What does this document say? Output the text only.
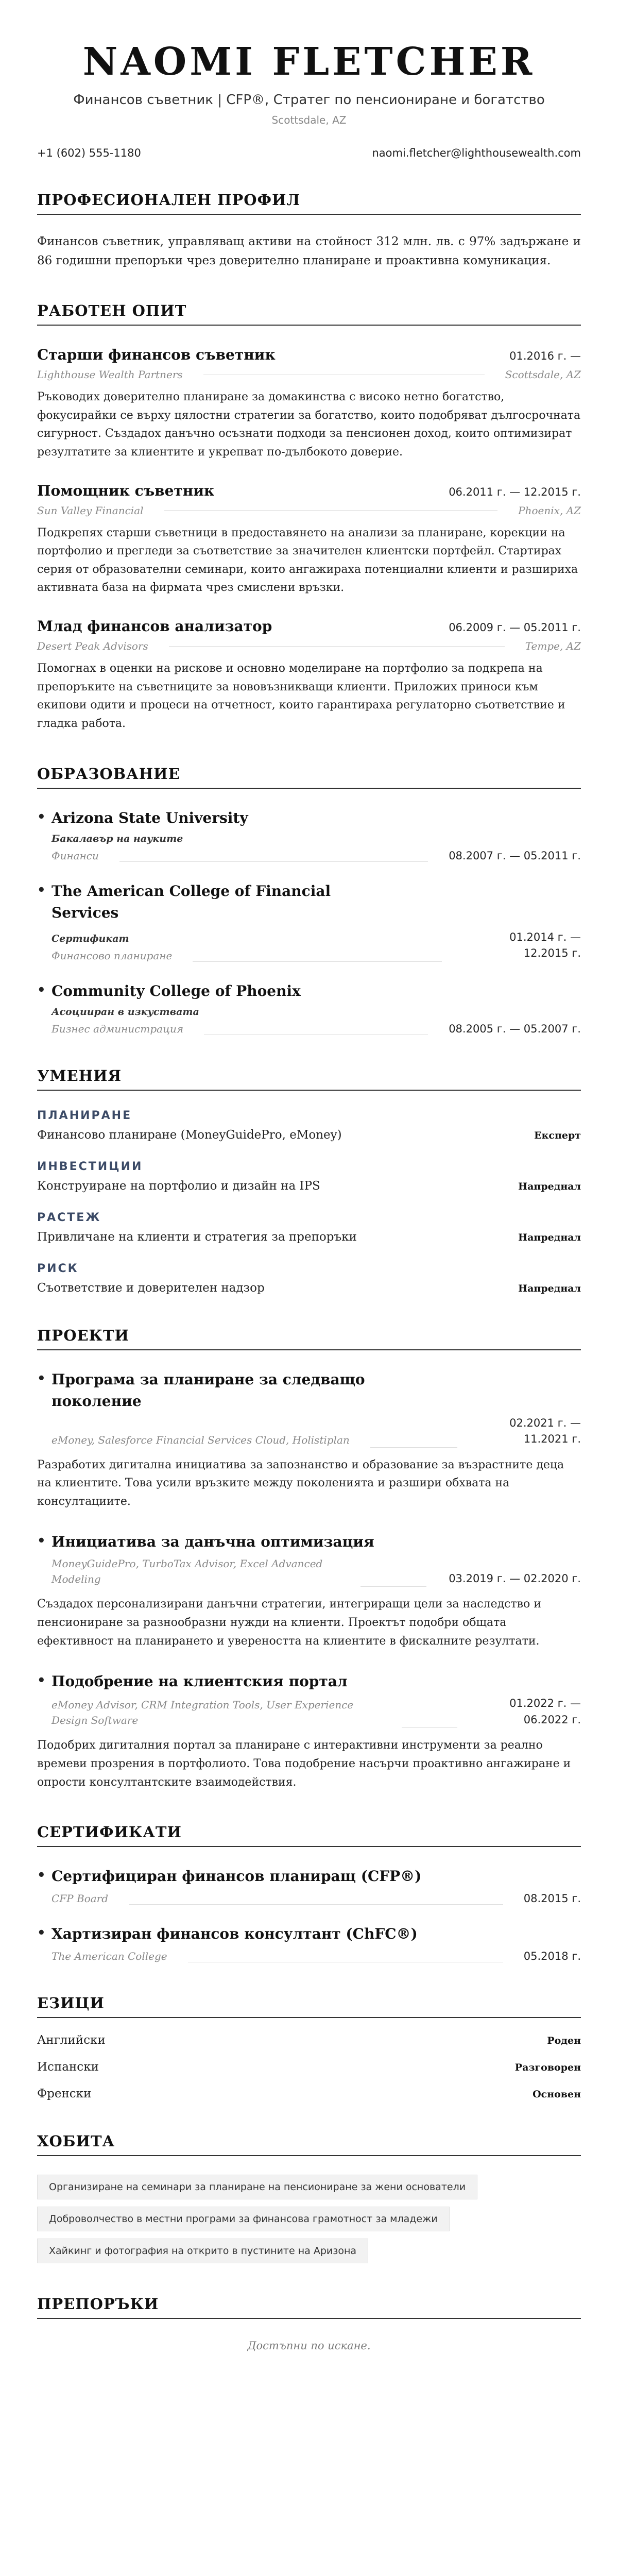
NAOMI FLETCHER
Финансов съветник | CFP®, Стратег по пенсиониране и богатство
Scottsdale, AZ
+1 (602) 555-1180	naomi.fletcher@lighthousewealth.com
ПРОФЕСИОНАЛЕН ПРОФИЛ
Финансов съветник, управляващ активи на стойност 312 млн. лв. с 97% задържане и 86 годишни препоръки чрез доверително планиране и проактивна комуникация.
РАБОТЕН ОПИТ
Старши финансов съветник	01.2016 г. —
Lighthouse Wealth Partners	Scottsdale, AZ
Ръководих доверително планиране за домакинства с високо нетно богатство, фокусирайки се върху цялостни стратегии за богатство, които подобряват дългосрочната сигурност. Създадох данъчно осъзнати подходи за пенсионен доход, които оптимизират резултатите за клиентите и укрепват по-дълбокото доверие.
Помощник съветник	06.2011 г. — 12.2015 г.
Sun Valley Financial	Phoenix, AZ
Подкрепях старши съветници в предоставянето на анализи за планиране, корекции на портфолио и прегледи за съответствие за значителен клиентски портфейл. Стартирах серия от образователни семинари, които ангажираха потенциални клиенти и разшириха активната база на фирмата чрез смислени връзки.
Млад финансов анализатор	06.2009 г. — 05.2011 г.
Desert Peak Advisors	Tempe, AZ
Помогнах в оценки на рискове и основно моделиране на портфолио за подкрепа на препоръките на съветниците за нововъзникващи клиенти. Приложих приноси към екипови одити и процеси на отчетност, които гарантираха регулаторно съответствие и гладка работа.
ОБРАЗОВАНИЕ
• Arizona State University
Бакалавър на науките
Финанси	08.2007 г. — 05.2011 г.
• The American College of Financial Services
Сертификат
Финансово планиране
01.2014 г. — 12.2015 г.
• Community College of Phoenix
Асоцииран в изкуствата
Бизнес администрация	08.2005 г. — 05.2007 г.
УМЕНИЯ
ПЛАНИРАНЕ
Финансово планиране (MoneyGuidePro, eMoney)	Експерт
ИНВЕСТИЦИИ
Конструиране на портфолио и дизайн на IPS	Напреднал
РАСТЕЖ
Привличане на клиенти и стратегия за препоръки	Напреднал
РИСК
Съответствие и доверителен надзор	Напреднал
ПРОЕКТИ
• Програма за планиране за следващо поколение
eMoney, Salesforce Financial Services Cloud, Holistiplan
02.2021 г. — 11.2021 г.
Разработих дигитална инициатива за запознанство и образование за възрастните деца на клиентите. Това усили връзките между поколенията и разшири обхвата на консултациите.
• Инициатива за данъчна оптимизация
MoneyGuidePro, TurboTax Advisor, Excel Advanced Modeling	03.2019 г. — 02.2020 г.
Създадох персонализирани данъчни стратегии, интегриращи цели за наследство и пенсиониране за разнообразни нужди на клиенти. Проектът подобри общата ефективност на планирането и увереността на клиентите в фискалните резултати.
• Подобрение на клиентския портал
eMoney Advisor, CRM Integration Tools, User Experience Design Software
01.2022 г. — 06.2022 г.
Подобрих дигиталния портал за планиране с интерактивни инструменти за реално времеви прозрения в портфолиото. Това подобрение насърчи проактивно ангажиране и опрости консултантските взаимодействия.
СЕРТИФИКАТИ
• Сертифициран финансов планиращ (CFP®)
CFP Board	08.2015 г.
• Хартизиран финансов консултант (ChFC®)
The American College	05.2018 г.
ЕЗИЦИ
Английски	Роден
Испански	Разговорен
Френски	Основен
ХОБИТА
Организиране на семинари за планиране на пенсиониране за жени основатели
Доброволчество в местни програми за финансова грамотност за младежи
Хайкинг и фотография на открито в пустините на Аризона
ПРЕПОРЪКИ
Достъпни по искане.
